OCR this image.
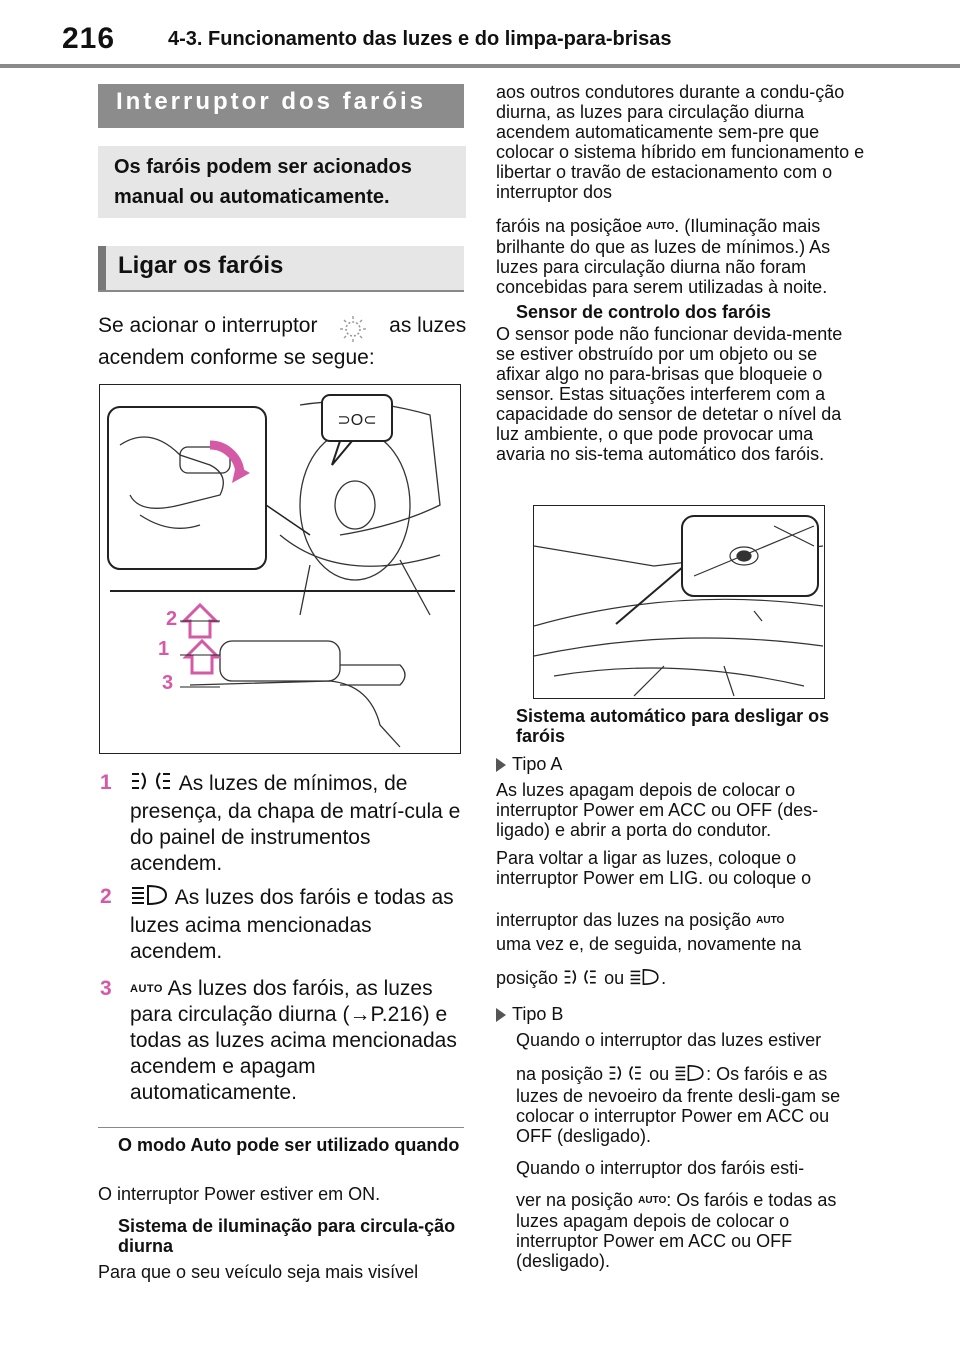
216	4-3. Funcionamento das luzes e do limpa-para-brisas
Interruptor dos faróis
Os faróis podem ser acionados manual ou automaticamente.
Ligar os faróis
Se acionar o interruptor	as luzes acendem conforme se segue:
⊃O⊂
2
1
3
1	As luzes de mínimos, de presença, da chapa de matrí-cula e do painel de instrumentos acendem.
2	As luzes dos faróis e todas as luzes acima mencionadas acendem.
3 AUTO As luzes dos faróis, as luzes para circulação diurna (→P.216) e todas as luzes acima mencionadas acendem e apagam automaticamente.
O modo Auto pode ser utilizado quando
O interruptor Power estiver em ON.
Sistema de iluminação para circula-ção diurna
Para que o seu veículo seja mais visível
aos outros condutores durante a condu-ção diurna, as luzes para circulação diurna acendem automaticamente sem-pre que colocar o sistema híbrido em funcionamento e libertar o travão de estacionamento com o interruptor dos
faróis na posiçãoe AUTO. (Iluminação mais brilhante do que as luzes de mínimos.) As luzes para circulação diurna não foram concebidas para serem utilizadas à noite.
Sensor de controlo dos faróis
O sensor pode não funcionar devida-mente se estiver obstruído por um objeto ou se afixar algo no para-brisas que bloqueie o sensor. Estas situações interferem com a capacidade do sensor de detetar o nível da luz ambiente, o que pode provocar uma avaria no sis-tema automático dos faróis.
Sistema automático para desligar os faróis
Tipo A
As luzes apagam depois de colocar o interruptor Power em ACC ou OFF (des-ligado) e abrir a porta do condutor.
Para voltar a ligar as luzes, coloque o interruptor Power em LIG. ou coloque o
interruptor das luzes na posição AUTO
uma vez e, de seguida, novamente na
posição	ou .
Tipo B
Quando o interruptor das luzes estiver
na posição	ou : Os faróis e as luzes de nevoeiro da frente desli-gam se colocar o interruptor Power em ACC ou OFF (desligado).
Quando o interruptor dos faróis esti-
ver na posição AUTO: Os faróis e todas as luzes apagam depois de colocar o interruptor Power em ACC ou OFF (desligado).
